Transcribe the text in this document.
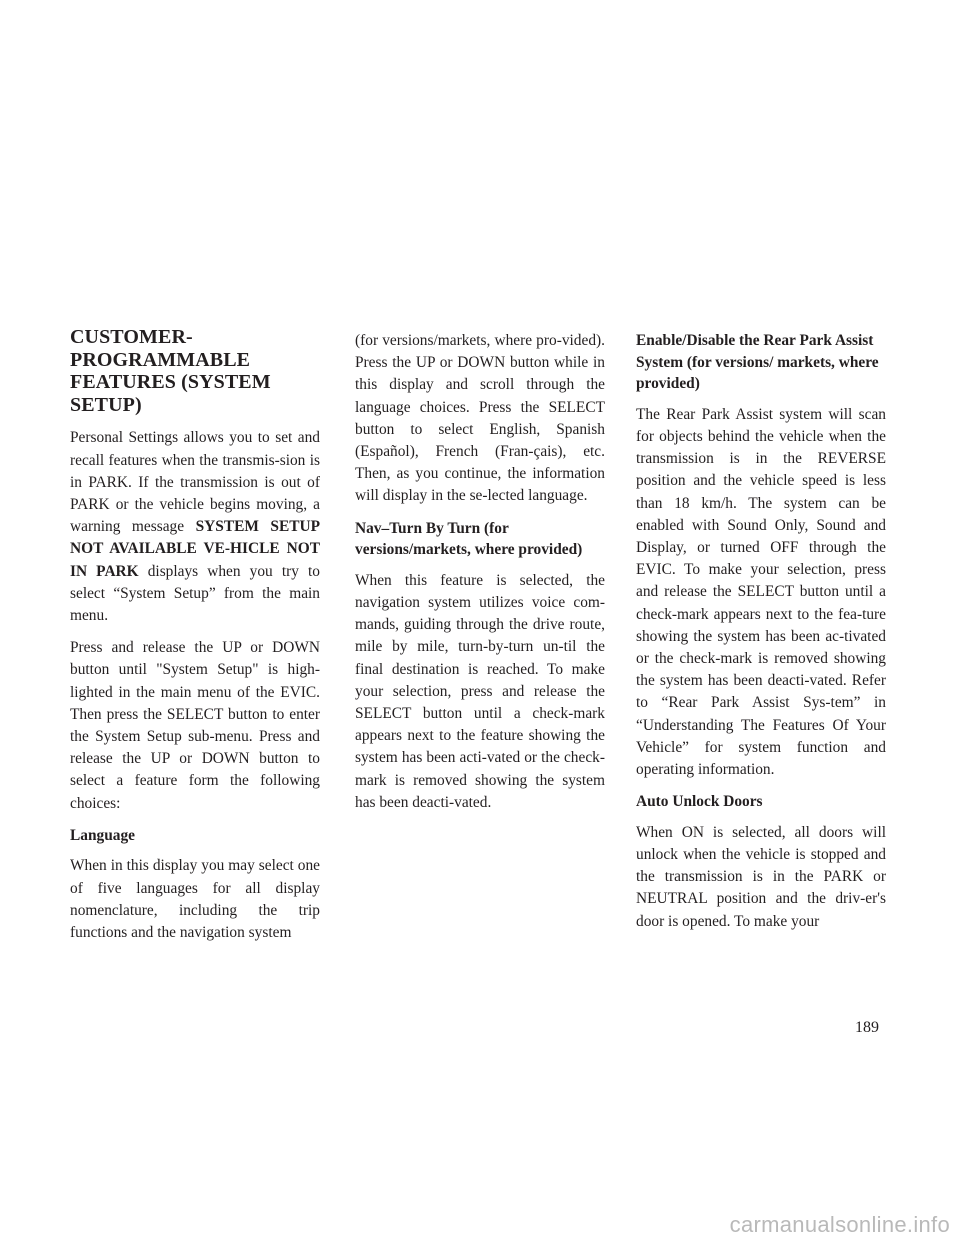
CUSTOMER-PROGRAMMABLE FEATURES (SYSTEM SETUP)

Personal Settings allows you to set and recall features when the transmis-sion is in PARK. If the transmission is out of PARK or the vehicle begins moving, a warning message SYSTEM SETUP NOT AVAILABLE VE-HICLE NOT IN PARK displays when you try to select “System Setup” from the main menu.

Press and release the UP or DOWN button until "System Setup" is high-lighted in the main menu of the EVIC. Then press the SELECT button to enter the System Setup sub-menu. Press and release the UP or DOWN button to select a feature form the following choices:

Language

When in this display you may select one of five languages for all display nomenclature, including the trip functions and the navigation system

(for versions/markets, where pro-vided). Press the UP or DOWN button while in this display and scroll through the language choices. Press the SELECT button to select English, Spanish (Español), French (Fran-çais), etc. Then, as you continue, the information will display in the se-lected language.

Nav–Turn By Turn (for versions/markets, where provided)

When this feature is selected, the navigation system utilizes voice com-mands, guiding through the drive route, mile by mile, turn-by-turn un-til the final destination is reached. To make your selection, press and release the SELECT button until a check-mark appears next to the feature showing the system has been acti-vated or the check-mark is removed showing the system has been deacti-vated.

Enable/Disable the Rear Park Assist System (for versions/ markets, where provided)

The Rear Park Assist system will scan for objects behind the vehicle when the transmission is in the REVERSE position and the vehicle speed is less than 18 km/h. The system can be enabled with Sound Only, Sound and Display, or turned OFF through the EVIC. To make your selection, press and release the SELECT button until a check-mark appears next to the fea-ture showing the system has been ac-tivated or the check-mark is removed showing the system has been deacti-vated. Refer to “Rear Park Assist Sys-tem” in “Understanding The Features Of Your Vehicle” for system function and operating information.

Auto Unlock Doors

When ON is selected, all doors will unlock when the vehicle is stopped and the transmission is in the PARK or NEUTRAL position and the driv-er's door is opened. To make your

189
carmanualsonline.info
